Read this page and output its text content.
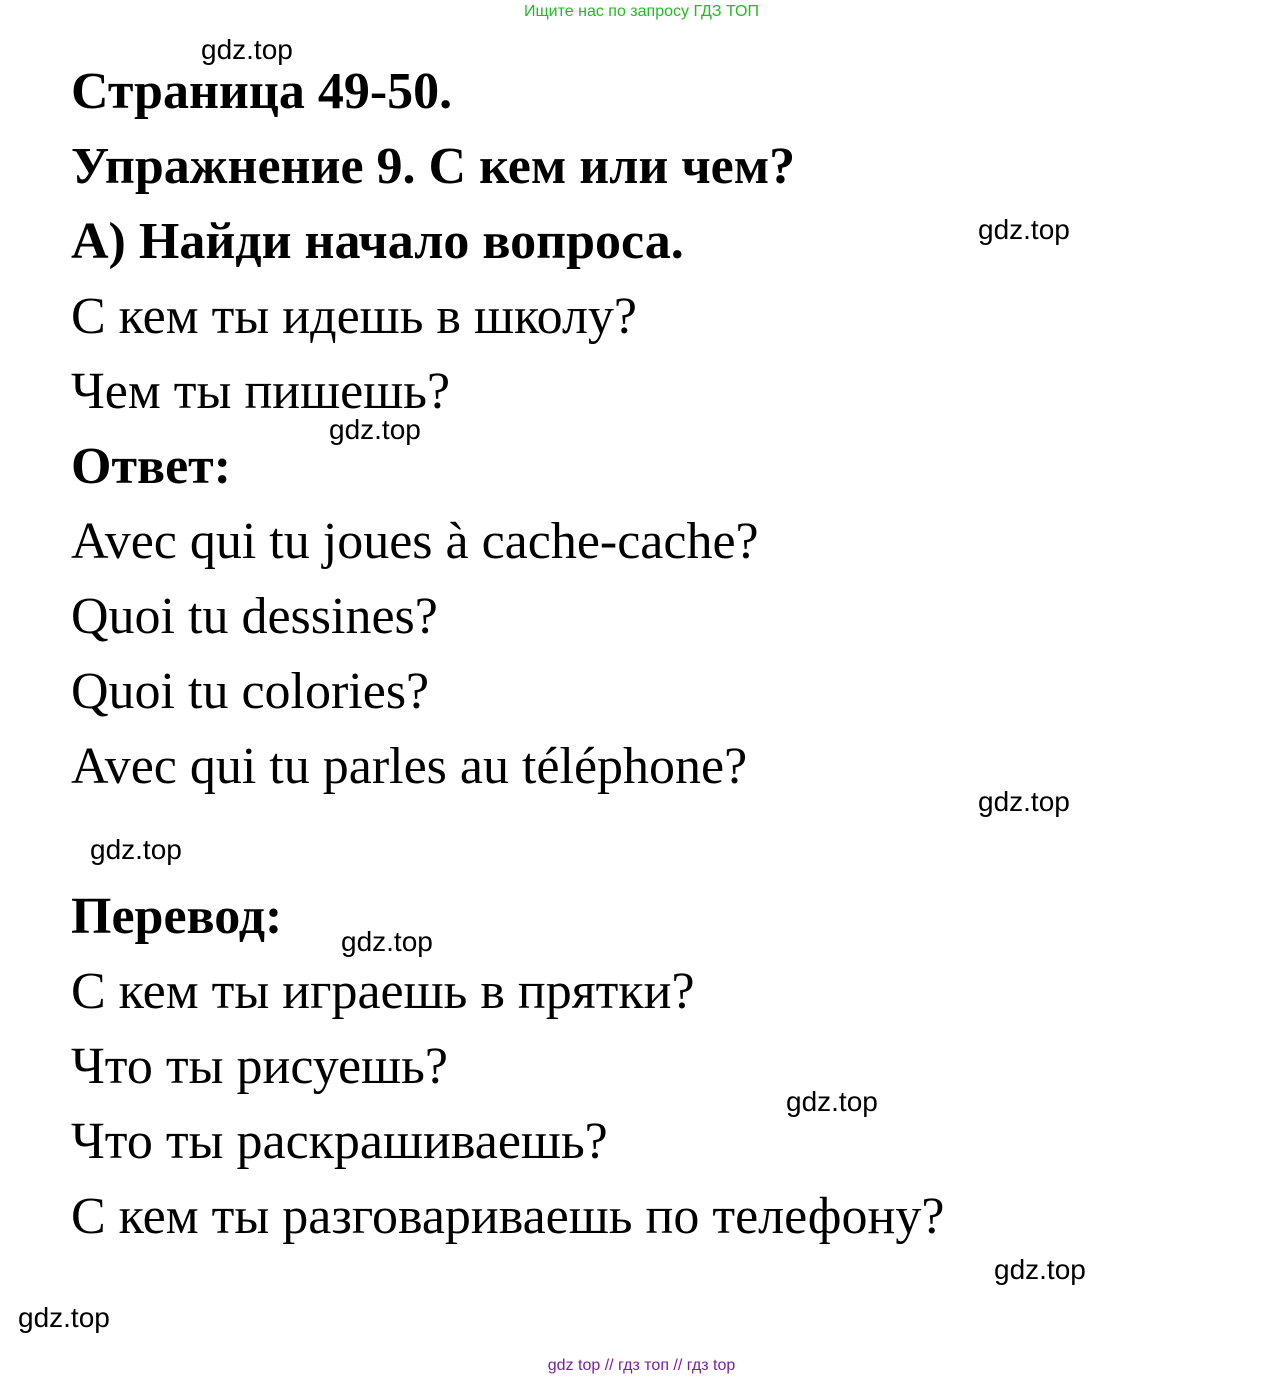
Ищите нас по запросу ГДЗ ТОП
gdz.top
gdz.top
gdz.top
gdz.top
gdz.top
gdz.top
gdz.top
gdz.top
gdz.top
Страница 49-50.
Упражнение 9. С кем или чем?
A) Найди начало вопроса.
С кем ты идешь в школу?
Чем ты пишешь?
Ответ:
Avec qui tu joues à cache-cache?
Quoi tu dessines?
Quoi tu colories?
Avec qui tu parles au téléphone?
Перевод:
С кем ты играешь в прятки?
Что ты рисуешь?
Что ты раскрашиваешь?
С кем ты разговариваешь по телефону?
gdz top // гдз топ // гдз top
